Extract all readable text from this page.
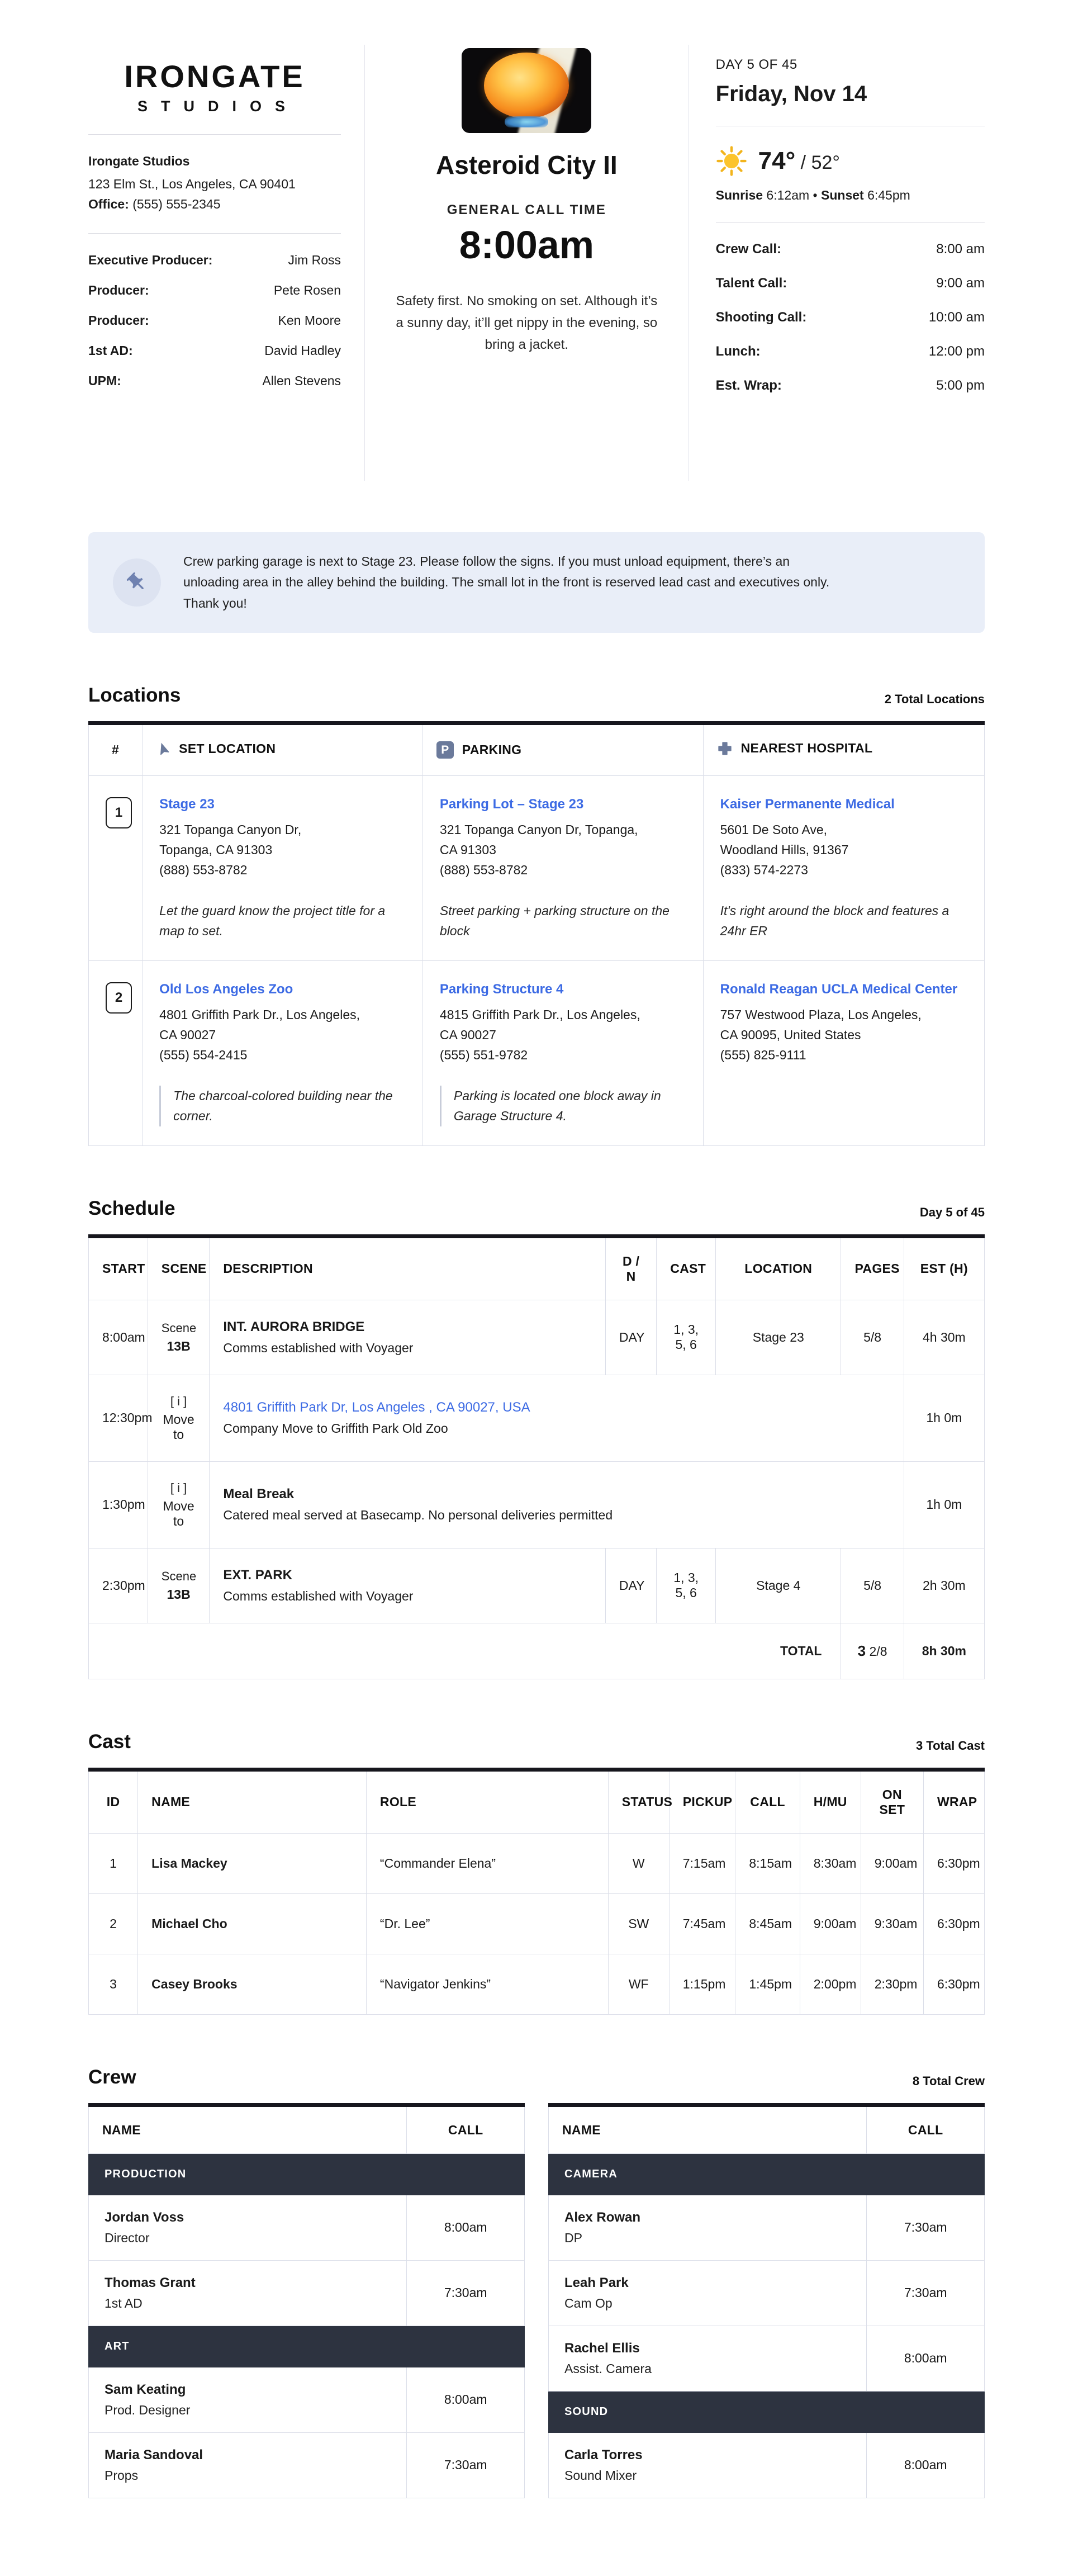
IRONGATE
STUDIOS
Irongate Studios
123 Elm St., Los Angeles, CA 90401
Office: (555) 555-2345
Executive Producer:	Jim Ross
Producer:	Pete Rosen
Producer:	Ken Moore
1st AD:	David Hadley
UPM:	Allen Stevens
Asteroid City II
GENERAL CALL TIME
8:00am
Safety first. No smoking on set. Although it’s a sunny day, it’ll get nippy in the evening, so bring a jacket.
DAY 5 OF 45
Friday, Nov 14
74° / 52°
Sunrise 6:12am • Sunset 6:45pm
Crew Call:	8:00 am
Talent Call:	9:00 am
Shooting Call:	10:00 am
Lunch:	12:00 pm
Est. Wrap:	5:00 pm
Crew parking garage is next to Stage 23. Please follow the signs. If you must unload equipment, there’s an unloading area in the alley behind the building. The small lot in the front is reserved lead cast and executives only. Thank you!
Locations	2 Total Locations
#	SET LOCATION	P PARKING	NEAREST HOSPITAL

1
	Stage 23
321 Topanga Canyon Dr,
Topanga, CA 91303
(888) 553-8782
Let the guard know the project title for a map to set.
	Parking Lot – Stage 23
321 Topanga Canyon Dr, Topanga,
CA 91303
(888) 553-8782
Street parking + parking structure on the block
	Kaiser Permanente Medical
5601 De Soto Ave,
Woodland Hills, 91367
(833) 574-2273
It's right around the block and features a 24hr ER

2
	Old Los Angeles Zoo
4801 Griffith Park Dr., Los Angeles,
CA 90027
(555) 554-2415
The charcoal-colored building near the corner.
	Parking Structure 4
4815 Griffith Park Dr., Los Angeles,
CA 90027
(555) 551-9782
Parking is located one block away in Garage Structure 4.
	Ronald Reagan UCLA Medical Center
757 Westwood Plaza, Los Angeles,
CA 90095, United States
(555) 825-9111
Schedule	Day 5 of 45
START	SCENE	DESCRIPTION	D / N	CAST	LOCATION	PAGES	EST (H)
8:00am	Scene
13B	INT. AURORA BRIDGE
Comms established with Voyager	DAY	1, 3, 5, 6	Stage 23	5/8	4h 30m
12:30pm	[ i ]
Move to	4801 Griffith Park Dr, Los Angeles , CA 90027, USA
Company Move to Griffith Park Old Zoo					1h 0m
1:30pm	[ i ]
Move to	Meal Break
Catered meal served at Basecamp. No personal deliveries permitted					1h 0m
2:30pm	Scene
13B	EXT. PARK
Comms established with Voyager	DAY	1, 3, 5, 6	Stage 4	5/8	2h 30m
TOTAL						3 2/8	8h 30m
Cast	3 Total Cast
ID	NAME	ROLE	STATUS	PICKUP	CALL	H/MU	ON SET	WRAP
1	Lisa Mackey	“Commander Elena”	W	7:15am	8:15am	8:30am	9:00am	6:30pm
2	Michael Cho	“Dr. Lee”	SW	7:45am	8:45am	9:00am	9:30am	6:30pm
3	Casey Brooks	“Navigator Jenkins”	WF	1:15pm	1:45pm	2:00pm	2:30pm	6:30pm
Crew	8 Total Crew
NAME	CALL
PRODUCTION	

Jordan Voss
Director	8:00am

Thomas Grant
1st AD	7:30am
ART	

Sam Keating
Prod. Designer	8:00am

Maria Sandoval
Props	7:30am
NAME	CALL
CAMERA	

Alex Rowan
DP	7:30am

Leah Park
Cam Op	7:30am

Rachel Ellis
Assist. Camera	8:00am
SOUND	

Carla Torres
Sound Mixer	8:00am
